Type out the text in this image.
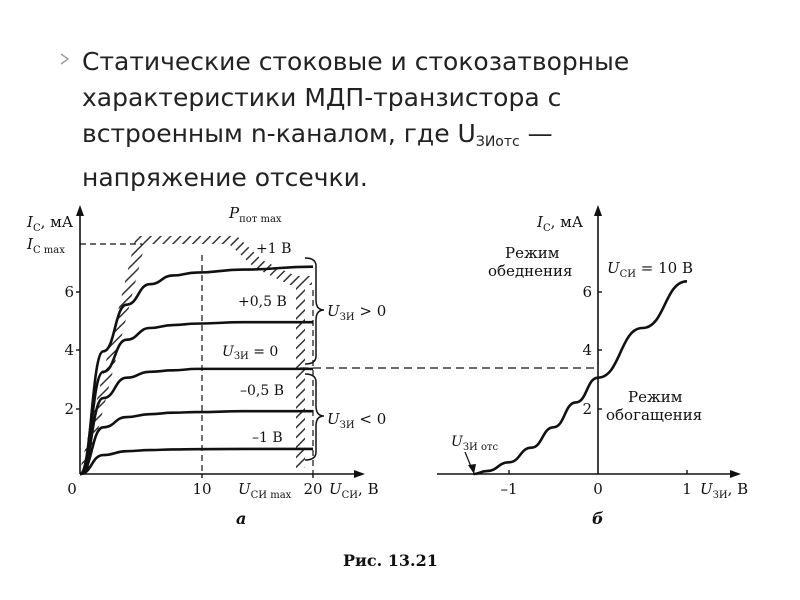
Статические стоковые и стокозатворные характеристики МДП-транзистора с встроенным n-каналом, где $U_{ЗИотс}$ — напряжение отсечки.
+1 В
+0,5 В
$U_{ЗИ} = 0$
–0,5 В
–1 В
$U_{ЗИ} > 0$
$U_{ЗИ} < 0$
$I_C$, мА
$I_{C max}$
$P_{пот max}$
$U_{СИ}$, В
$U_{СИ max}$
0	10	20
2
4
6
а
$I_C$, мА
Режим
обеднения $U_{СИ} = 10$ В
Режим
обогащения
$U_{ЗИ отс}$
$U_{ЗИ}$, В
–1	0	1
2
4
6
б
Рис. 13.21
